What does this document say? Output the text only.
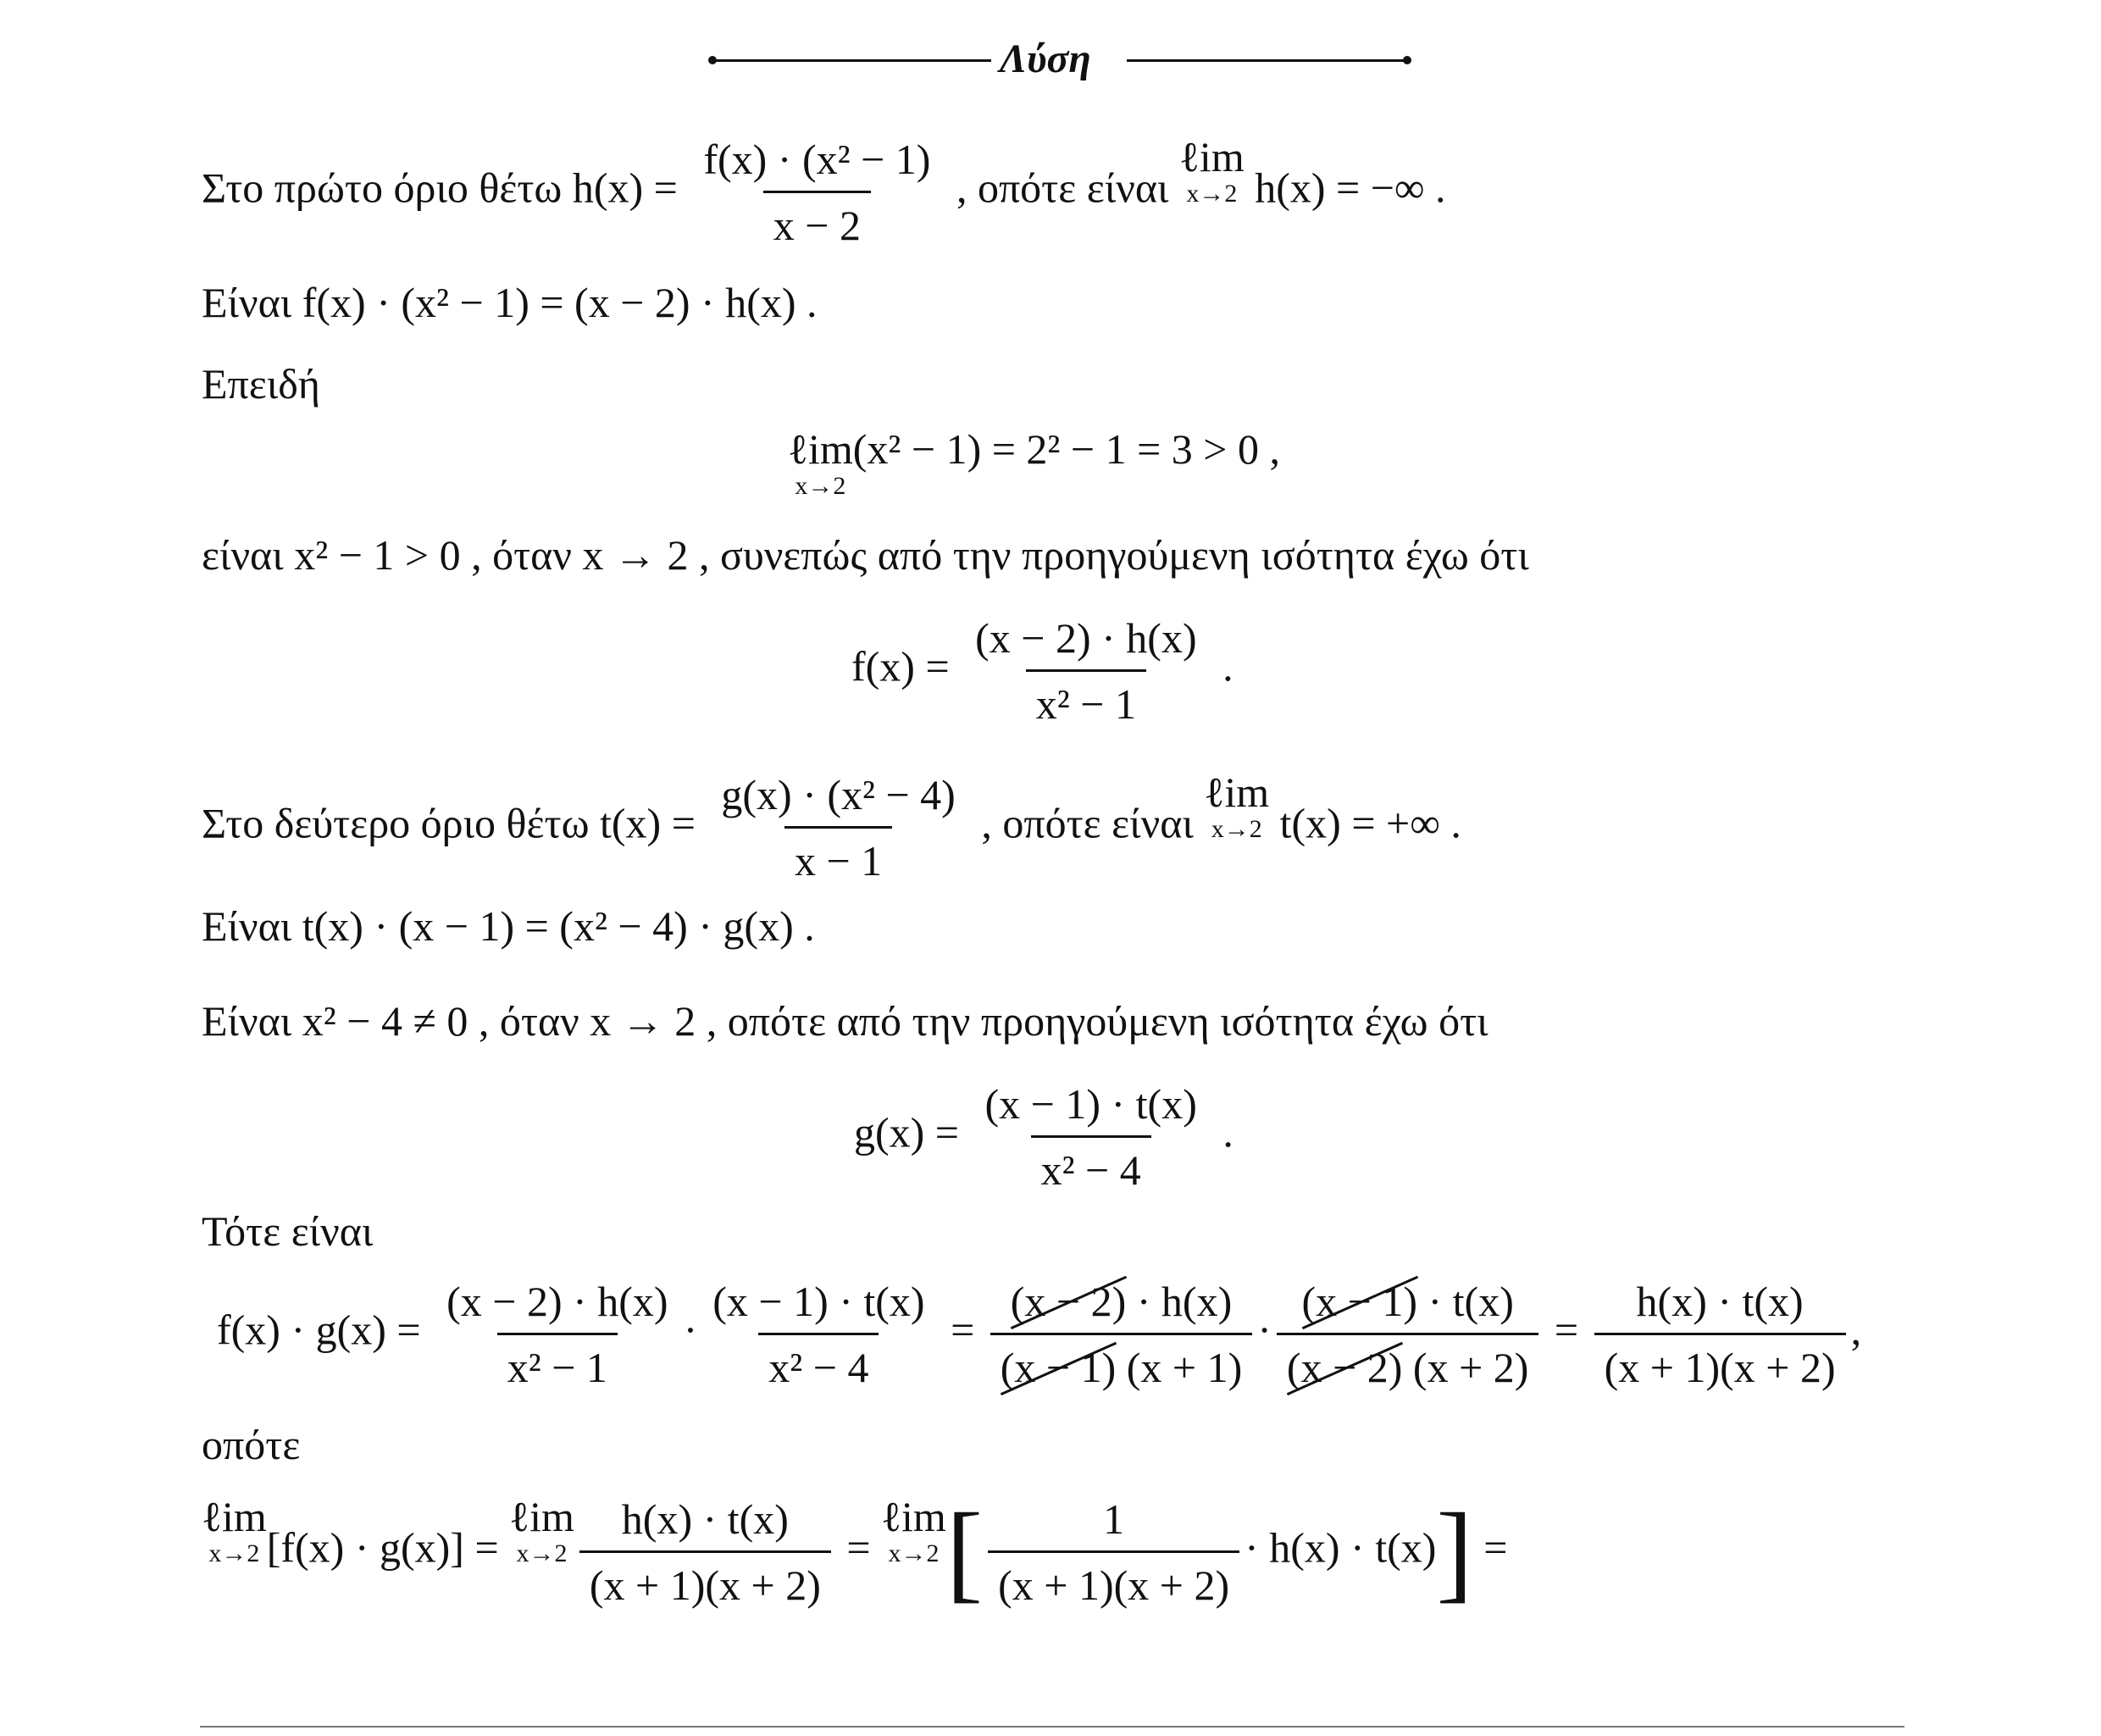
Λύση
Στο πρώτο όριο θέτω $h(x) = \frac{\text{f(x) · (x² − 1)}}{x - 2}$ , οπότε είναι
ℓim
x→2 h(x) = −∞ .
Είναι f(x) · (x² − 1) = (x − 2) · h(x) .
Επειδή
ℓim
x→2
(x² − 1) = 2² − 1 = 3 > 0 ,
είναι x² − 1 > 0 , όταν x → 2 , συνεπώς από την προηγούμενη ισότητα έχω ότι
$f(x) = \frac{(x - 2) \cdot h(x)}{\text{x² − 1}}$ .
Στο δεύτερο όριο θέτω $t(x) = \frac{\text{g(x) · (x² − 4)}}{x - 1}$ , οπότε είναι
ℓim
x→2 t(x) = +∞ .
Είναι t(x) · (x − 1) = (x² − 4) · g(x) .
Είναι x² − 4 ≠ 0 , όταν x → 2 , οπότε από την προηγούμενη ισότητα έχω ότι
$g(x) = \frac{(x - 1) \cdot t(x)}{\text{x² − 4}}$ .
Τότε είναι
$f(x) \cdot g(x) = \frac{(x - 2) \cdot h(x)}{\text{x² − 1}} \cdot \frac{(x - 1) \cdot t(x)}{\text{x² − 4}} = \frac{(x - 2) \cdot h(x)}{(x - 1) (x + 1)} \cdot \frac{(x - 1) \cdot t(x)}{(x - 2) (x + 2)} = \frac{h(x) \cdot t(x)}{(x + 1)(x + 2)}$ ,
οπότε
ℓim
x→2 [f(x) · g(x)] =
ℓim
$x\to 2 \frac{h(x) \cdot t(x)}{(x + 1)(x + 2)}$ =
ℓim
x→2 [ $\frac{1}{(x + 1)(x + 2)} \cdot h(x) \cdot t(x)$] =
